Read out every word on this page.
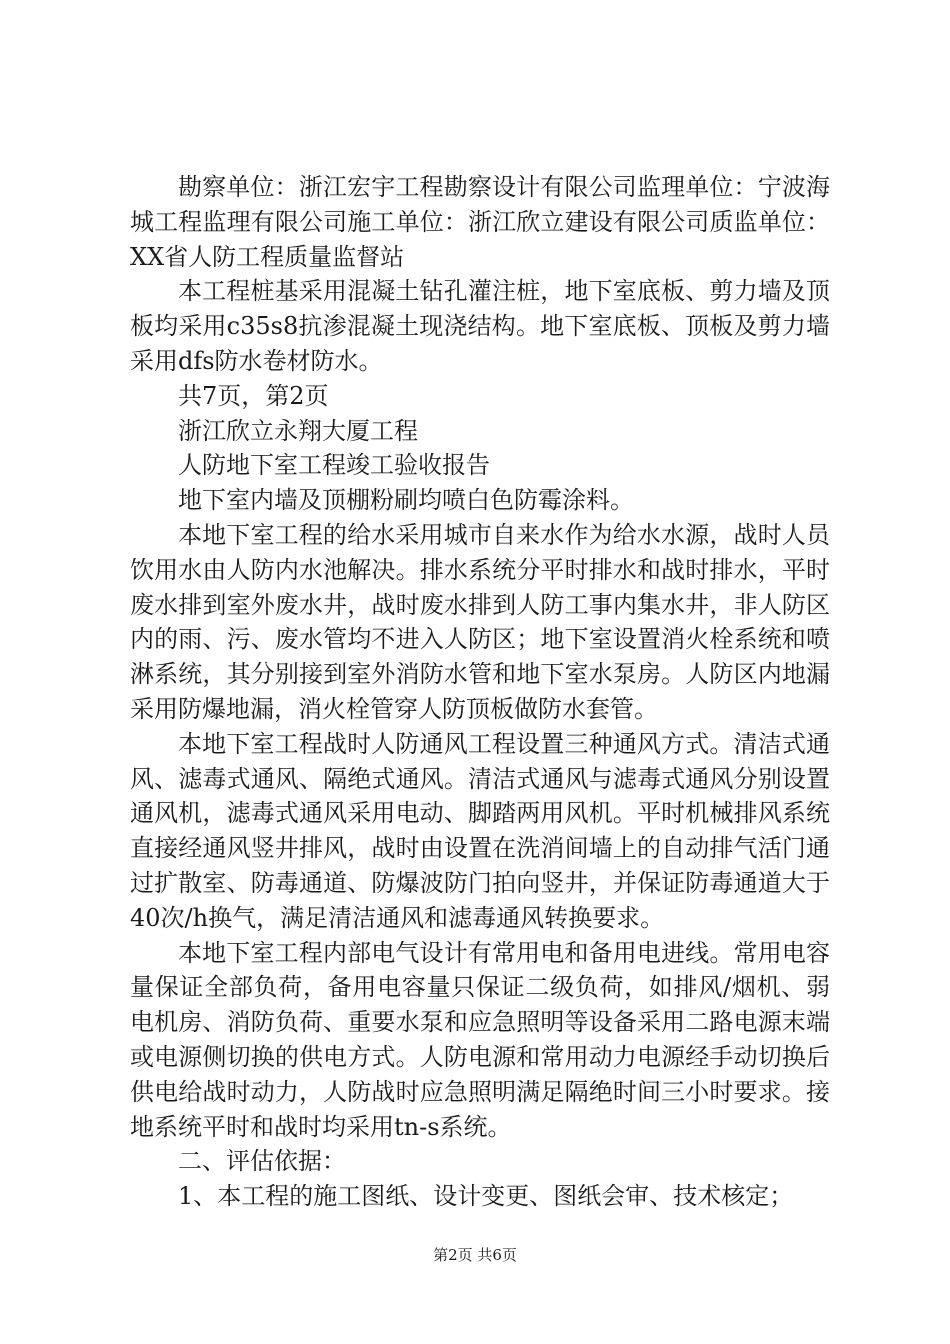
勘察单位：浙江宏宇工程勘察设计有限公司监理单位：宁波海城工程监理有限公司施工单位：浙江欣立建设有限公司质监单位：XX省人防工程质量监督站

本工程桩基采用混凝土钻孔灌注桩，地下室底板、剪力墙及顶板均采用c35s8抗渗混凝土现浇结构。地下室底板、顶板及剪力墙采用dfs防水卷材防水。

共7页，第2页

浙江欣立永翔大厦工程

人防地下室工程竣工验收报告

地下室内墙及顶棚粉刷均喷白色防霉涂料。

本地下室工程的给水采用城市自来水作为给水水源，战时人员饮用水由人防内水池解决。排水系统分平时排水和战时排水，平时废水排到室外废水井，战时废水排到人防工事内集水井，非人防区内的雨、污、废水管均不进入人防区；地下室设置消火栓系统和喷淋系统，其分别接到室外消防水管和地下室水泵房。人防区内地漏采用防爆地漏，消火栓管穿人防顶板做防水套管。

本地下室工程战时人防通风工程设置三种通风方式。清洁式通风、滤毒式通风、隔绝式通风。清洁式通风与滤毒式通风分别设置通风机，滤毒式通风采用电动、脚踏两用风机。平时机械排风系统直接经通风竖井排风，战时由设置在洗消间墙上的自动排气活门通过扩散室、防毒通道、防爆波防门拍向竖井，并保证防毒通道大于40次/h换气，满足清洁通风和滤毒通风转换要求。

本地下室工程内部电气设计有常用电和备用电进线。常用电容量保证全部负荷，备用电容量只保证二级负荷，如排风/烟机、弱电机房、消防负荷、重要水泵和应急照明等设备采用二路电源末端或电源侧切换的供电方式。人防电源和常用动力电源经手动切换后供电给战时动力，人防战时应急照明满足隔绝时间三小时要求。接地系统平时和战时均采用tn-s系统。

二、评估依据：

1、本工程的施工图纸、设计变更、图纸会审、技术核定；

第2页 共6页
